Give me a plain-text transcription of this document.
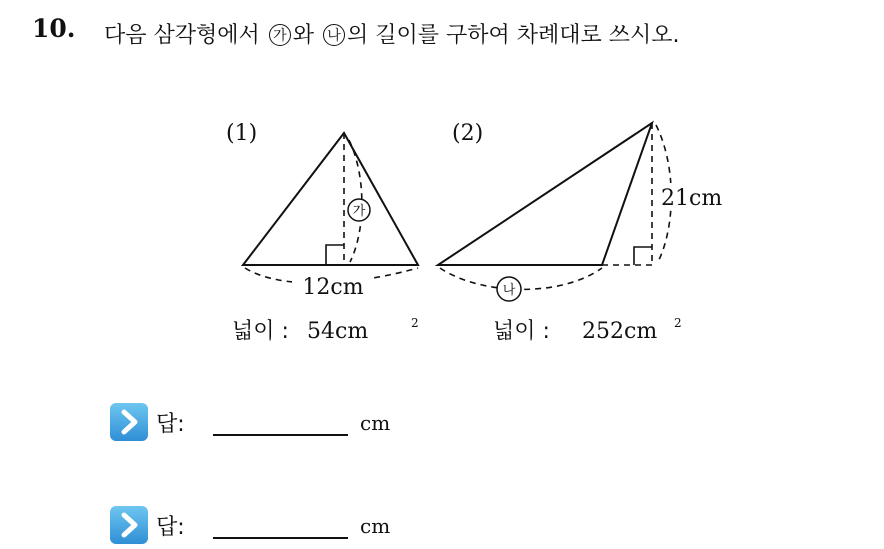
10. 다음 삼각형에서 가 와 나 의 길이를 구하여 차례대로 쓰시오.
(1)
가
12cm
넓이 : 54cm	2
(2)
21cm
나
넓이 : 252cm 2
답:	cm
답:	cm
